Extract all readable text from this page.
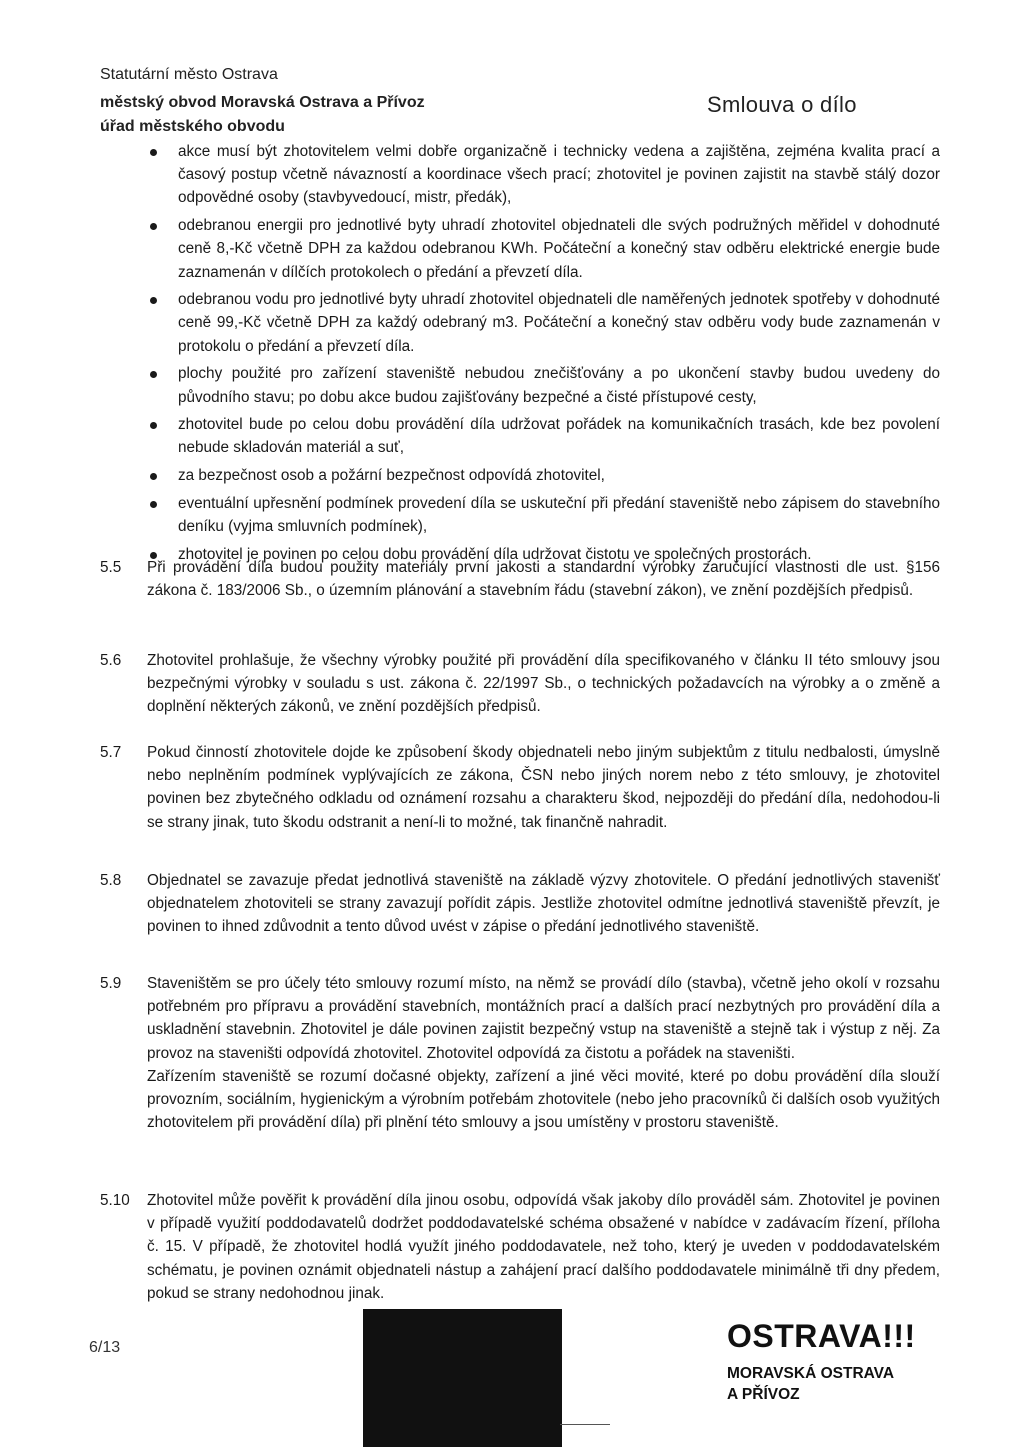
Statutární město Ostrava
městský obvod Moravská Ostrava a Přívoz
úřad městského obvodu
Smlouva o dílo
akce musí být zhotovitelem velmi dobře organizačně i technicky vedena a zajištěna, zejména kvalita prací a časový postup včetně návazností a koordinace všech prací; zhotovitel je povinen zajistit na stavbě stálý dozor odpovědné osoby (stavbyvedoucí, mistr, předák),
odebranou energii pro jednotlivé byty uhradí zhotovitel objednateli dle svých podružných měřidel v dohodnuté ceně 8,-Kč včetně DPH za každou odebranou KWh. Počáteční a konečný stav odběru elektrické energie bude zaznamenán v dílčích protokolech o předání a převzetí díla.
odebranou vodu pro jednotlivé byty uhradí zhotovitel objednateli dle naměřených jednotek spotřeby v dohodnuté ceně 99,-Kč včetně DPH za každý odebraný m3. Počáteční a konečný stav odběru vody bude zaznamenán v protokolu o předání a převzetí díla.
plochy použité pro zařízení staveniště nebudou znečišťovány a po ukončení stavby budou uvedeny do původního stavu; po dobu akce budou zajišťovány bezpečné a čisté přístupové cesty,
zhotovitel bude po celou dobu provádění díla udržovat pořádek na komunikačních trasách, kde bez povolení nebude skladován materiál a suť,
za bezpečnost osob a požární bezpečnost odpovídá zhotovitel,
eventuální upřesnění podmínek provedení díla se uskuteční při předání staveniště nebo zápisem do stavebního deníku (vyjma smluvních podmínek),
zhotovitel je povinen po celou dobu provádění díla udržovat čistotu ve společných prostorách.
5.5 Při provádění díla budou použity materiály první jakosti a standardní výrobky zaručující vlastnosti dle ust. §156 zákona č. 183/2006 Sb., o územním plánování a stavebním řádu (stavební zákon), ve znění pozdějších předpisů.

5.6 Zhotovitel prohlašuje, že všechny výrobky použité při provádění díla specifikovaného v článku II této smlouvy jsou bezpečnými výrobky v souladu s ust. zákona č. 22/1997 Sb., o technických požadavcích na výrobky a o změně a doplnění některých zákonů, ve znění pozdějších předpisů.

5.7 Pokud činností zhotovitele dojde ke způsobení škody objednateli nebo jiným subjektům z titulu nedbalosti, úmyslně nebo neplněním podmínek vyplývajících ze zákona, ČSN nebo jiných norem nebo z této smlouvy, je zhotovitel povinen bez zbytečného odkladu od oznámení rozsahu a charakteru škod, nejpozději do předání díla, nedohodou-li se strany jinak, tuto škodu odstranit a není-li to možné, tak finančně nahradit.

5.8 Objednatel se zavazuje předat jednotlivá staveniště na základě výzvy zhotovitele. O předání jednotlivých stavenišť objednatelem zhotoviteli se strany zavazují pořídit zápis. Jestliže zhotovitel odmítne jednotlivá staveniště převzít, je povinen to ihned zdůvodnit a tento důvod uvést v zápise o předání jednotlivého staveniště.

5.9 Staveništěm se pro účely této smlouvy rozumí místo, na němž se provádí dílo (stavba), včetně jeho okolí v rozsahu potřebném pro přípravu a provádění stavebních, montážních prací a dalších prací nezbytných pro provádění díla a uskladnění stavebnin. Zhotovitel je dále povinen zajistit bezpečný vstup na staveniště a stejně tak i výstup z něj. Za provoz na staveništi odpovídá zhotovitel. Zhotovitel odpovídá za čistotu a pořádek na staveništi.

Zařízením staveniště se rozumí dočasné objekty, zařízení a jiné věci movité, které po dobu provádění díla slouží provozním, sociálním, hygienickým a výrobním potřebám zhotovitele (nebo jeho pracovníků či dalších osob využitých zhotovitelem při provádění díla) při plnění této smlouvy a jsou umístěny v prostoru staveniště.

5.10 Zhotovitel může pověřit k provádění díla jinou osobu, odpovídá však jakoby dílo prováděl sám. Zhotovitel je povinen v případě využití poddodavatelů dodržet poddodavatelské schéma obsažené v nabídce v zadávacím řízení, příloha č. 15. V případě, že zhotovitel hodlá využít jiného poddodavatele, než toho, který je uveden v poddodavatelském schématu, je povinen oznámit objednateli nástup a zahájení prací dalšího poddodavatele minimálně tři dny předem, pokud se strany nedohodnou jinak.

6/13	OSTRAVA!!!
MORAVSKÁ OSTRAVA
A PŘÍVOZ
